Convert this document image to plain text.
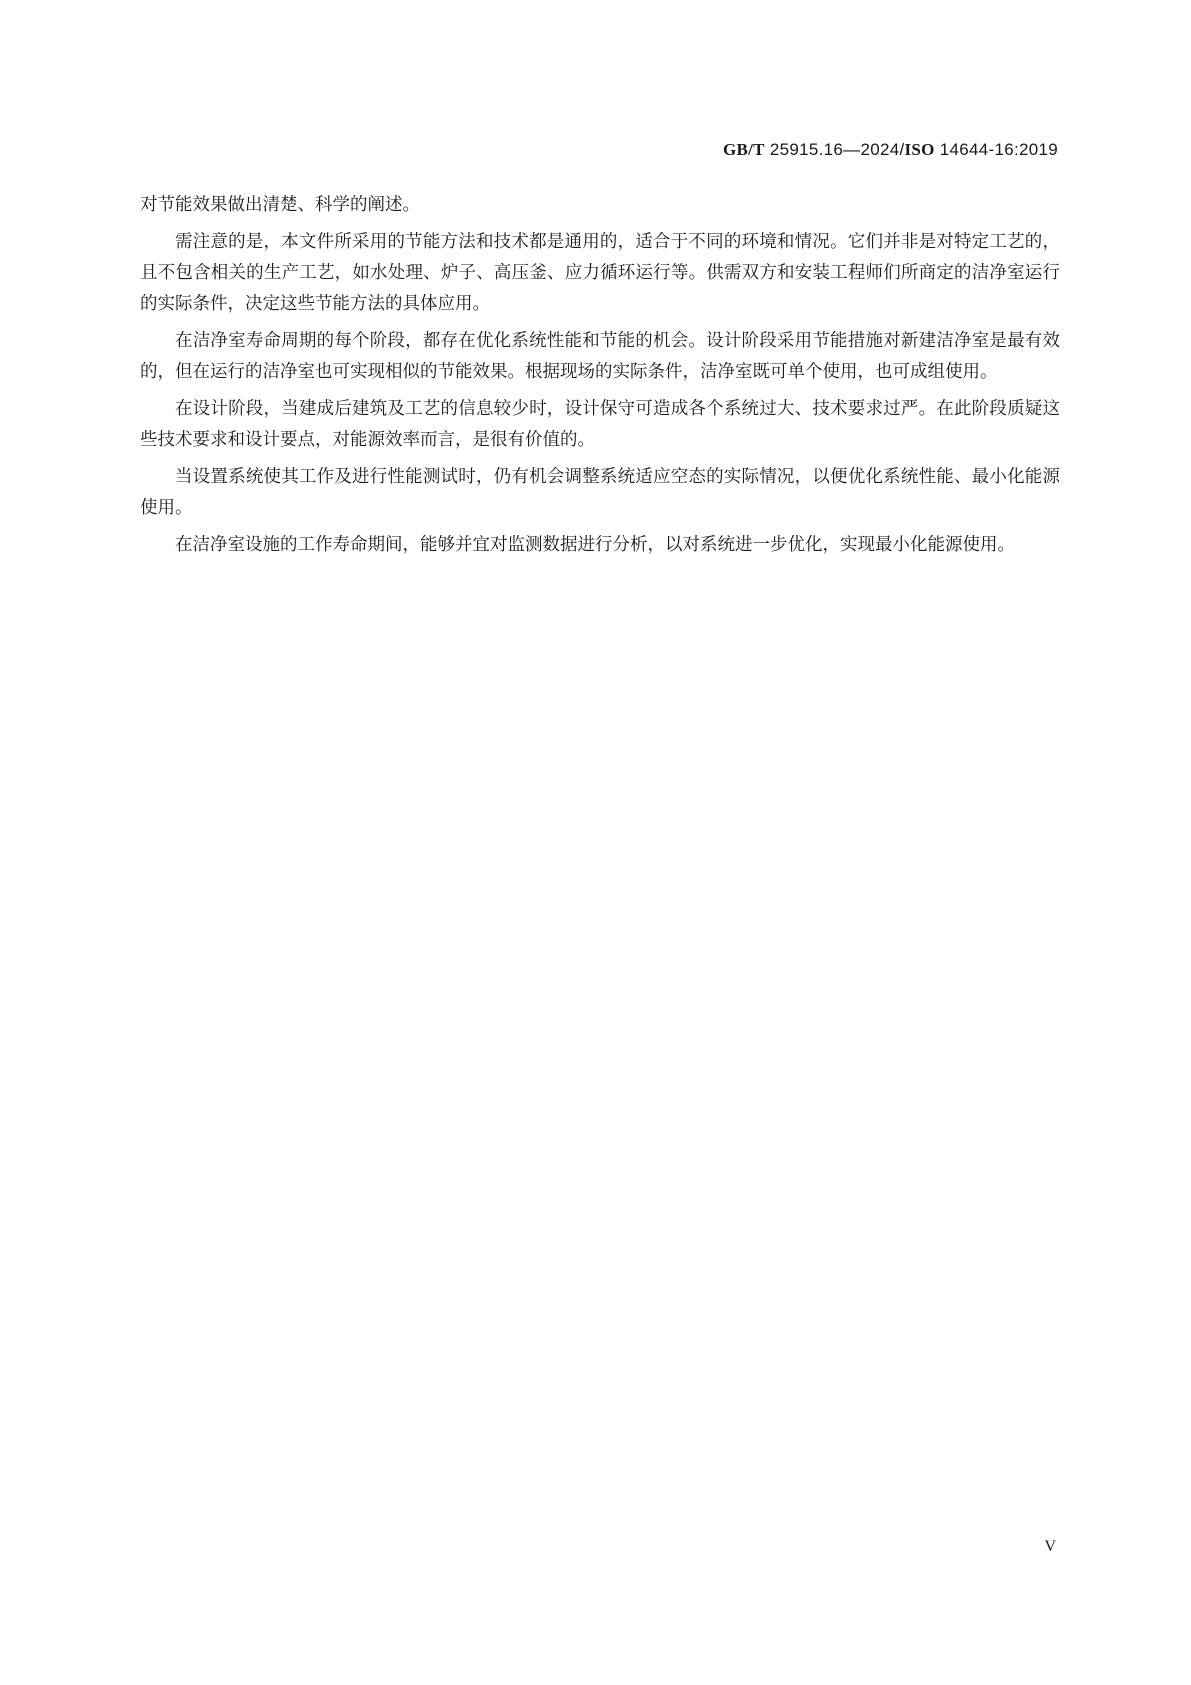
GB/T 25915.16—2024/ISO 14644-16:2019

对节能效果做出清楚、科学的阐述。

需注意的是，本文件所采用的节能方法和技术都是通用的，适合于不同的环境和情况。它们并非是对特定工艺的，且不包含相关的生产工艺，如水处理、炉子、高压釜、应力循环运行等。供需双方和安装工程师们所商定的洁净室运行的实际条件，决定这些节能方法的具体应用。

在洁净室寿命周期的每个阶段，都存在优化系统性能和节能的机会。设计阶段采用节能措施对新建洁净室是最有效的，但在运行的洁净室也可实现相似的节能效果。根据现场的实际条件，洁净室既可单个使用，也可成组使用。

在设计阶段，当建成后建筑及工艺的信息较少时，设计保守可造成各个系统过大、技术要求过严。在此阶段质疑这些技术要求和设计要点，对能源效率而言，是很有价值的。

当设置系统使其工作及进行性能测试时，仍有机会调整系统适应空态的实际情况，以便优化系统性能、最小化能源使用。

在洁净室设施的工作寿命期间，能够并宜对监测数据进行分析，以对系统进一步优化，实现最小化能源使用。

V
